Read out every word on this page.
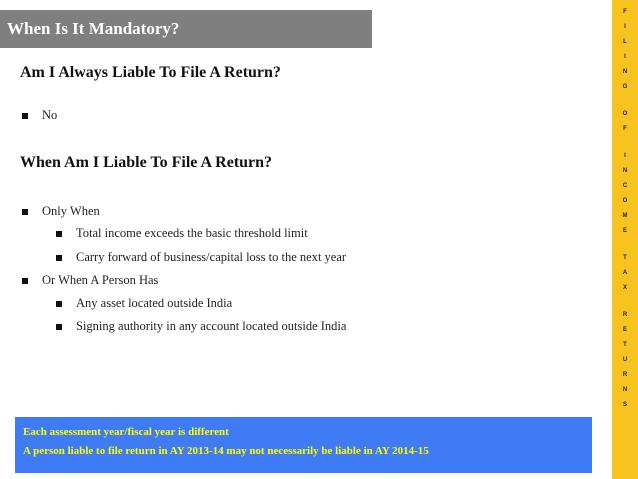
When Is It Mandatory?
Am I Always Liable To File A Return?
No
When Am I Liable To File A Return?
Only When
Total income exceeds the basic threshold limit
Carry forward of business/capital loss to the next year
Or When A Person Has
Any asset located outside India
Signing authority in any account located outside India
Each assessment year/fiscal year is different
A person liable to file return in AY 2013-14 may not necessarily be liable in AY 2014-15
F
I
L
I
N
G
O
F
I
N
C
O
M
E
T
A
X
R
E
T
U
R
N
S
